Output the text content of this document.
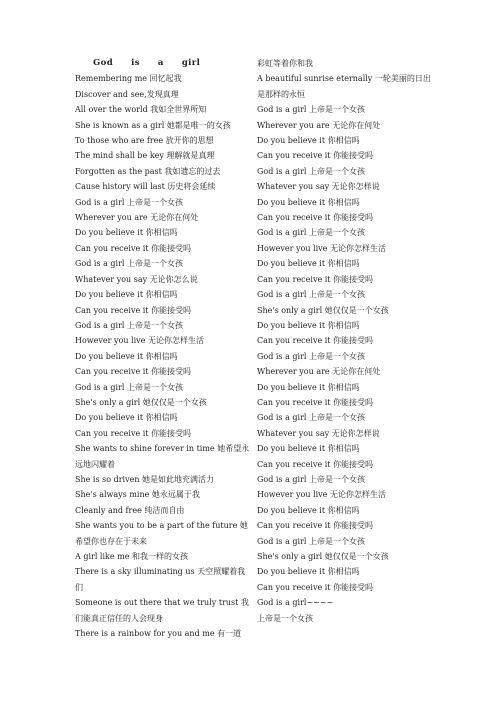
God is a girl
Remembering me 回忆起我
Discover and see,发现真理
All over the world 我如全世界所知
She is known as a girl 她都是唯一的女孩
To those who are free 放开你的思想
The mind shall be key 理解就是真理
Forgotten as the past 我如遗忘的过去
Cause history will last 历史将会延续
God is a girl 上帝是一个女孩
Wherever you are 无论你在何处
Do you believe it 你相信吗
Can you receive it 你能接受吗
God is a girl 上帝是一个女孩
Whatever you say 无论你怎么说
Do you believe it 你相信吗
Can you receive it 你能接受吗
God is a girl 上帝是一个女孩
However you live 无论你怎样生活
Do you believe it 你相信吗
Can you receive it 你能接受吗
God is a girl 上帝是一个女孩
She's only a girl 她仅仅是一个女孩
Do you believe it 你相信吗
Can you receive it 你能接受吗
She wants to shine forever in time 她希望永远地闪耀着
She is so driven 她是如此地充满活力
She's always mine 她永远属于我
Cleanly and free 纯洁而自由
She wants you to be a part of the future 她希望你也存在于未来
A girl like me 和我一样的女孩
There is a sky illuminating us 天空照耀着我们
Someone is out there that we truly trust 我们能真正信任的人会现身
There is a rainbow for you and me 有一道
彩虹等着你和我
A beautiful sunrise eternally 一轮美丽的日出是那样的永恒
God is a girl 上帝是一个女孩
Wherever you are 无论你在何处
Do you believe it 你相信吗
Can you receive it 你能接受吗
God is a girl 上帝是一个女孩
Whatever you say 无论你怎样说
Do you believe it 你相信吗
Can you receive it 你能接受吗
God is a girl 上帝是一个女孩
However you live 无论你怎样生活
Do you believe it 你相信吗
Can you receive it 你能接受吗
God is a girl 上帝是一个女孩
She's only a girl 她仅仅是一个女孩
Do you believe it 你相信吗
Can you receive it 你能接受吗
God is a girl 上帝是一个女孩
Wherever you are 无论你在何处
Do you believe it 你相信吗
Can you receive it 你能接受吗
God is a girl 上帝是一个女孩
Whatever you say 无论你怎样说
Do you believe it 你相信吗
Can you receive it 你能接受吗
God is a girl 上帝是一个女孩
However you live 无论你怎样生活
Do you believe it 你相信吗
Can you receive it 你能接受吗
God is a girl 上帝是一个女孩
She's only a girl 她仅仅是一个女孩
Do you believe it 你相信吗
Can you receive it 你能接受吗
God is a girl~~~~
上帝是一个女孩
